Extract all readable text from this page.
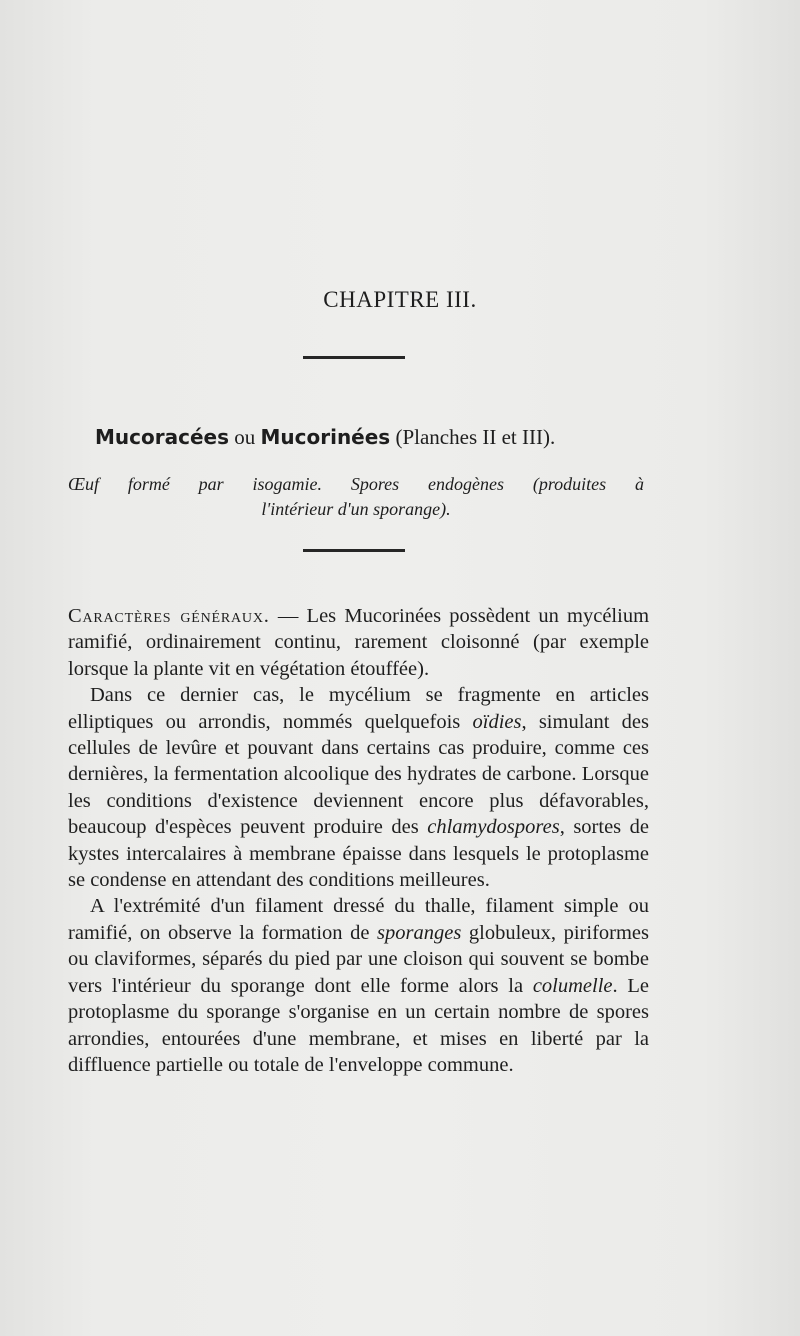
CHAPITRE III.
Mucoracées ou Mucorinées (Planches II et III).
Œuf formé par isogamie. Spores endogènes (produites à
l'intérieur d'un sporange).

Caractères généraux. — Les Mucorinées possèdent un mycélium ramifié, ordinairement continu, rarement cloisonné (par exemple lorsque la plante vit en végétation étouffée).

Dans ce dernier cas, le mycélium se fragmente en articles elliptiques ou arrondis, nommés quelquefois oïdies, simulant des cellules de levûre et pouvant dans certains cas produire, comme ces dernières, la fermentation alcoolique des hydrates de carbone. Lorsque les conditions d'existence deviennent encore plus défavorables, beaucoup d'espèces peuvent produire des chlamydospores, sortes de kystes intercalaires à membrane épaisse dans lesquels le protoplasme se condense en attendant des conditions meilleures.

A l'extrémité d'un filament dressé du thalle, filament simple ou ramifié, on observe la formation de sporanges globuleux, piriformes ou claviformes, séparés du pied par une cloison qui souvent se bombe vers l'intérieur du sporange dont elle forme alors la columelle. Le protoplasme du sporange s'organise en un certain nombre de spores arrondies, entourées d'une membrane, et mises en liberté par la diffluence partielle ou totale de l'enveloppe commune.
